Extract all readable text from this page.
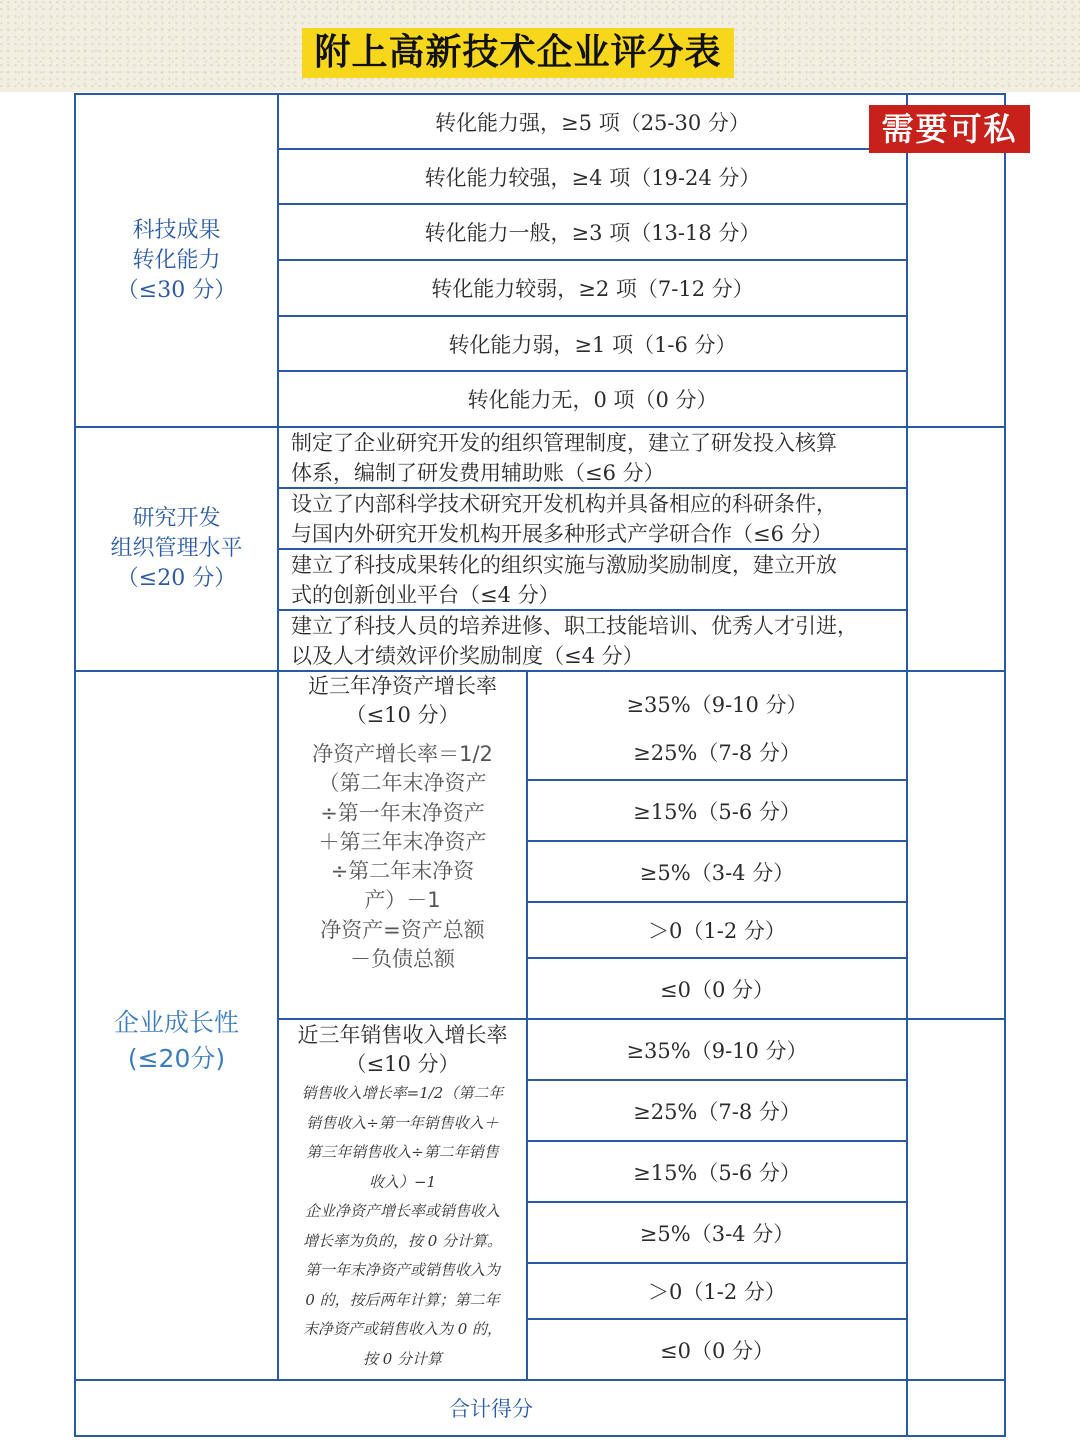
附上高新技术企业评分表
科技成果
转化能力
（≤30 分）
转化能力强，≥5 项（25-30 分）
转化能力较强，≥4 项（19-24 分）
转化能力一般，≥3 项（13-18 分）
转化能力较弱，≥2 项（7-12 分）
转化能力弱，≥1 项（1-6 分）
转化能力无，0 项（0 分）
研究开发
组织管理水平
（≤20 分）
制定了企业研究开发的组织管理制度，建立了研发投入核算
体系，编制了研发费用辅助账（≤6 分）
设立了内部科学技术研究开发机构并具备相应的科研条件，
与国内外研究开发机构开展多种形式产学研合作（≤6 分）
建立了科技成果转化的组织实施与激励奖励制度，建立开放
式的创新创业平台（≤4 分）
建立了科技人员的培养进修、职工技能培训、优秀人才引进，
以及人才绩效评价奖励制度（≤4 分）
企业成长性
(≤20分)
近三年净资产增长率
（≤10 分）
净资产增长率＝1/2
（第二年末净资产
÷第一年末净资产
＋第三年末净资产
÷第二年末净资
产）－1
净资产=资产总额
－负债总额
≥35%（9-10 分）
≥25%（7-8 分）
≥15%（5-6 分）
≥5%（3-4 分）
＞0（1-2 分）
≤0（0 分）
近三年销售收入增长率
（≤10 分）
销售收入增长率=1/2（第二年
销售收入÷第一年销售收入＋
第三年销售收入÷第二年销售
收入）−1
企业净资产增长率或销售收入
增长率为负的，按 0 分计算。
第一年末净资产或销售收入为
0 的，按后两年计算；第二年
末净资产或销售收入为 0 的，
按 0 分计算
≥35%（9-10 分）
≥25%（7-8 分）
≥15%（5-6 分）
≥5%（3-4 分）
＞0（1-2 分）
≤0（0 分）
合计得分
需要可私
